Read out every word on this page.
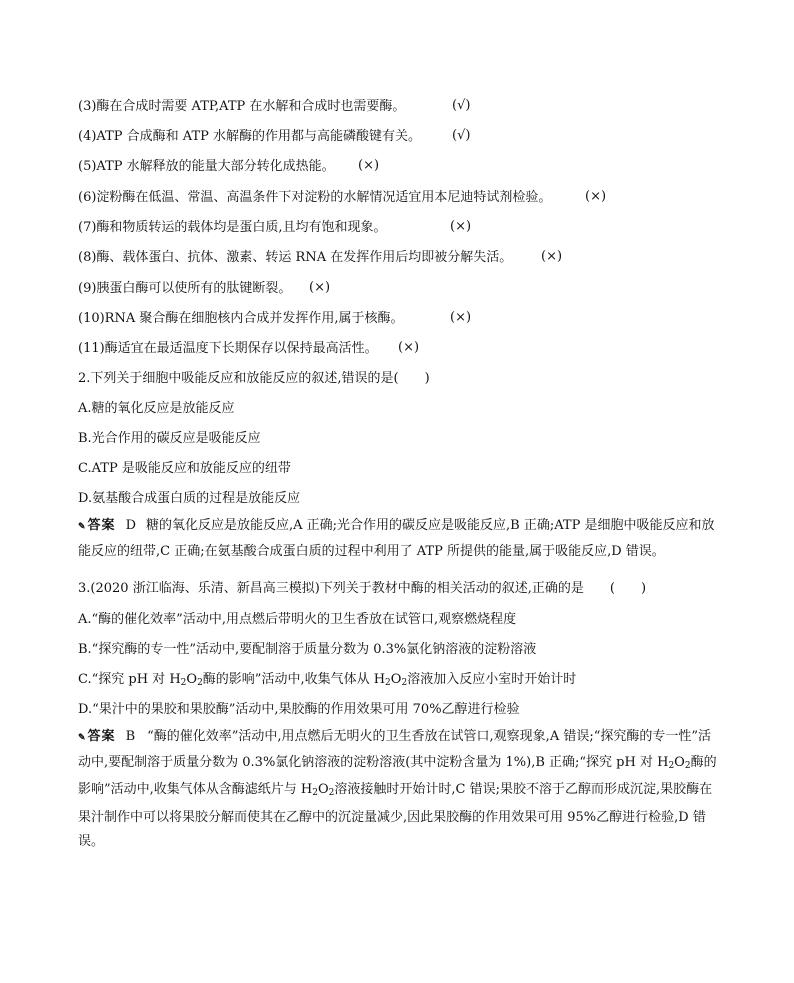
(3)酶在合成时需要 ATP,ATP 在水解和合成时也需要酶。	(√)
(4)ATP 合成酶和 ATP 水解酶的作用都与高能磷酸键有关。 (√)
(5)ATP 水解释放的能量大部分转化成热能。 (×)
(6)淀粉酶在低温、常温、高温条件下对淀粉的水解情况适宜用本尼迪特试剂检验。	(×)
(7)酶和物质转运的载体均是蛋白质,且均有饱和现象。	(×)
(8)酶、载体蛋白、抗体、激素、转运 RNA 在发挥作用后均即被分解失活。 (×)
(9)胰蛋白酶可以使所有的肽键断裂。 (×)
(10)RNA 聚合酶在细胞核内合成并发挥作用,属于核酶。	(×)
(11)酶适宜在最适温度下长期保存以保持最高活性。 (×)
2.下列关于细胞中吸能反应和放能反应的叙述,错误的是(　　)
A.糖的氧化反应是放能反应
B.光合作用的碳反应是吸能反应
C.ATP 是吸能反应和放能反应的纽带
D.氨基酸合成蛋白质的过程是放能反应
✎ 答案 D 糖的氧化反应是放能反应,A 正确;光合作用的碳反应是吸能反应,B 正确;ATP 是细胞中吸能反应和放能反应的纽带,C 正确;在氨基酸合成蛋白质的过程中利用了 ATP 所提供的能量,属于吸能反应,D 错误。
3.(2020 浙江临海、乐清、新昌高三模拟)下列关于教材中酶的相关活动的叙述,正确的是　　(　　)
A.“酶的催化效率”活动中,用点燃后带明火的卫生香放在试管口,观察燃烧程度
B.“探究酶的专一性”活动中,要配制溶于质量分数为 0.3%氯化钠溶液的淀粉溶液
C.“探究 pH 对 $H_2O_2$酶的影响”活动中,收集气体从 $H_2O_2$溶液加入反应小室时开始计时
D.“果汁中的果胶和果胶酶”活动中,果胶酶的作用效果可用 70%乙醇进行检验
✎ 答案 B “酶的催化效率”活动中,用点燃后无明火的卫生香放在试管口,观察现象,A 错误;“探究酶的专一性”活动中,要配制溶于质量分数为 0.3%氯化钠溶液的淀粉溶液(其中淀粉含量为 1%),B 正确;“探究 pH 对 $H_2O_2$酶的影响”活动中,收集气体从含酶滤纸片与 $H_2O_2$溶液接触时开始计时,C 错误;果胶不溶于乙醇而形成沉淀,果胶酶在果汁制作中可以将果胶分解而使其在乙醇中的沉淀量减少,因此果胶酶的作用效果可用 95%乙醇进行检验,D 错误。
